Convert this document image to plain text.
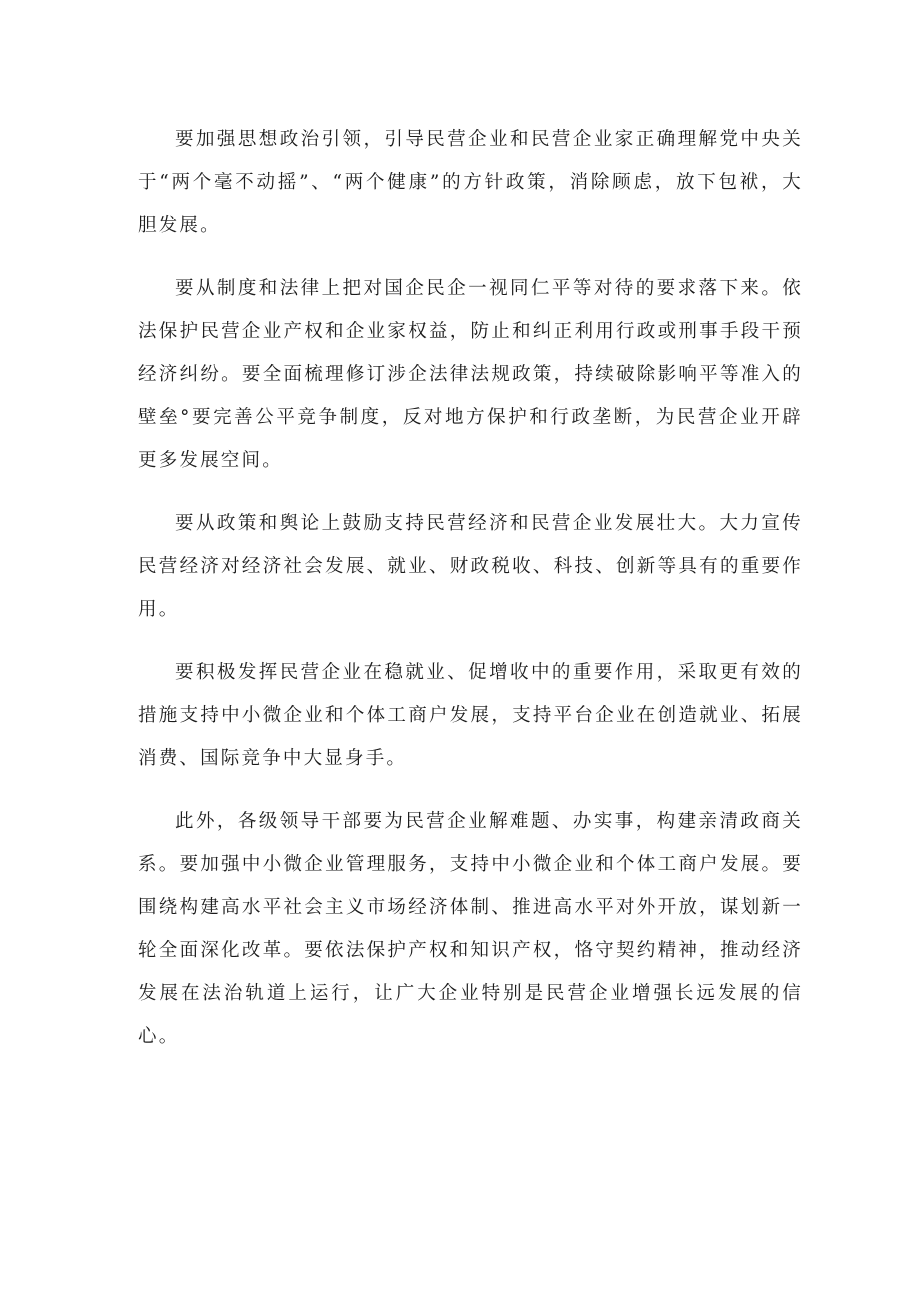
要加强思想政治引领，引导民营企业和民营企业家正确理解党中央关于“两个毫不动摇”、“两个健康”的方针政策，消除顾虑，放下包袱，大胆发展。

要从制度和法律上把对国企民企一视同仁平等对待的要求落下来。依法保护民营企业产权和企业家权益，防止和纠正利用行政或刑事手段干预经济纠纷。要全面梳理修订涉企法律法规政策，持续破除影响平等准入的壁垒°要完善公平竞争制度，反对地方保护和行政垄断，为民营企业开辟更多发展空间。

要从政策和舆论上鼓励支持民营经济和民营企业发展壮大。大力宣传民营经济对经济社会发展、就业、财政税收、科技、创新等具有的重要作用。

要积极发挥民营企业在稳就业、促增收中的重要作用，采取更有效的措施支持中小微企业和个体工商户发展，支持平台企业在创造就业、拓展消费、国际竞争中大显身手。

此外，各级领导干部要为民营企业解难题、办实事，构建亲清政商关系。要加强中小微企业管理服务，支持中小微企业和个体工商户发展。要围绕构建高水平社会主义市场经济体制、推进高水平对外开放，谋划新一轮全面深化改革。要依法保护产权和知识产权，恪守契约精神，推动经济发展在法治轨道上运行，让广大企业特别是民营企业增强长远发展的信心。
